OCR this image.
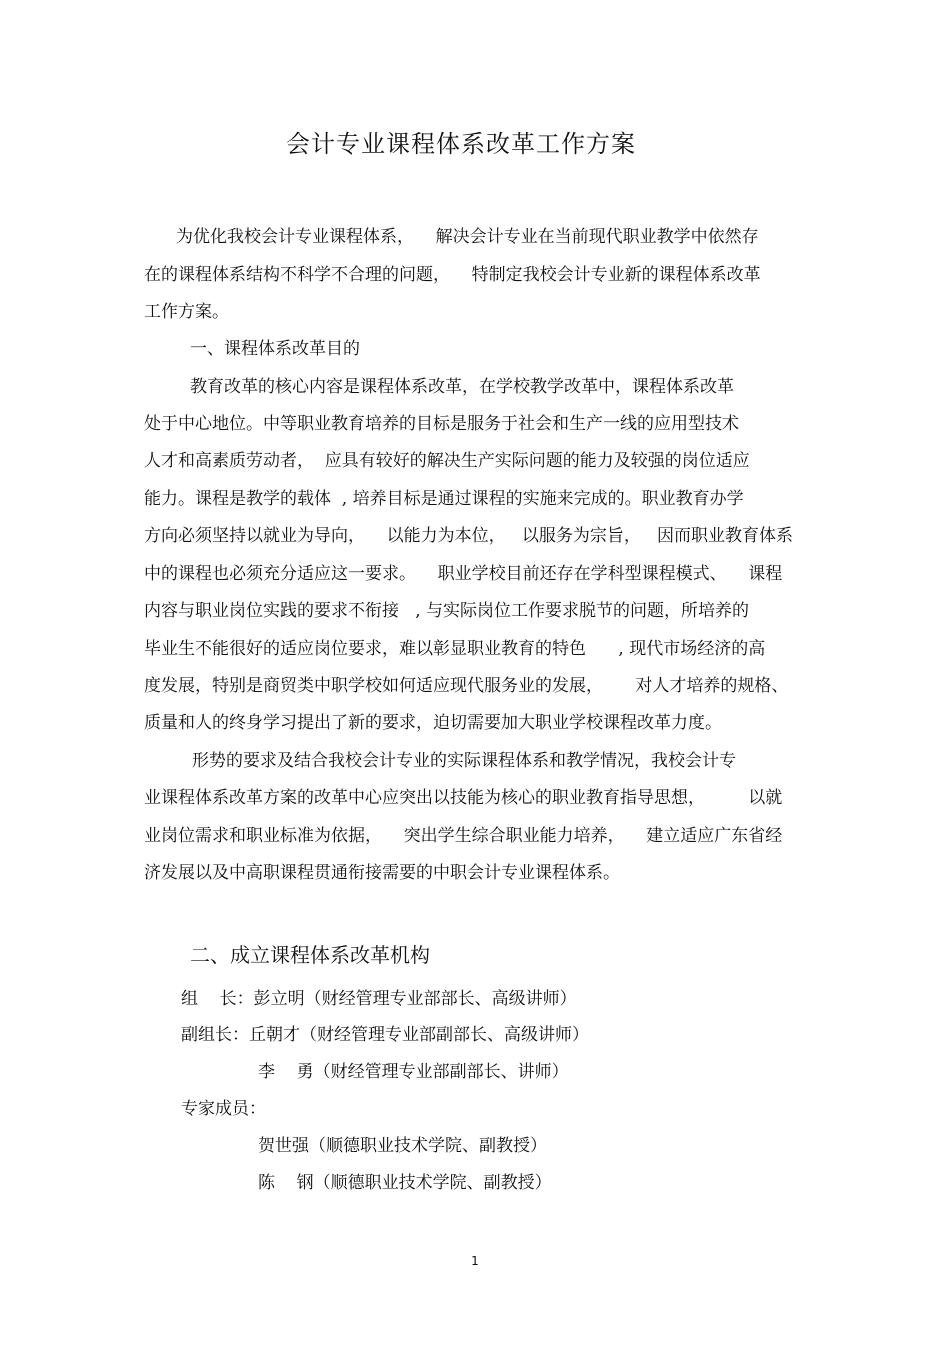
会计专业课程体系改革工作方案
为优化我校会计专业课程体系，    解决会计专业在当前现代职业教学中依然存
在的课程体系结构不科学不合理的问题，    特制定我校会计专业新的课程体系改革
工作方案。
一、课程体系改革目的
教育改革的核心内容是课程体系改革，在学校教学改革中，课程体系改革
处于中心地位。中等职业教育培养的目标是服务于社会和生产一线的应用型技术
人才和高素质劳动者，  应具有较好的解决生产实际问题的能力及较强的岗位适应
能力。课程是教学的载体  , 培养目标是通过课程的实施来完成的。职业教育办学
方向必须坚持以就业为导向，    以能力为本位，   以服务为宗旨，   因而职业教育体系
中的课程也必须充分适应这一要求。    职业学校目前还存在学科型课程模式、    课程
内容与职业岗位实践的要求不衔接   , 与实际岗位工作要求脱节的问题，所培养的
毕业生不能很好的适应岗位要求，难以彰显职业教育的特色      , 现代市场经济的高
度发展，特别是商贸类中职学校如何适应现代服务业的发展，      对人才培养的规格、
质量和人的终身学习提出了新的要求，迫切需要加大职业学校课程改革力度。
形势的要求及结合我校会计专业的实际课程体系和教学情况，我校会计专
业课程体系改革方案的改革中心应突出以技能为核心的职业教育指导思想，        以就
业岗位需求和职业标准为依据，    突出学生综合职业能力培养，    建立适应广东省经
济发展以及中高职课程贯通衔接需要的中职会计专业课程体系。
二、成立课程体系改革机构
组    长：彭立明（财经管理专业部部长、高级讲师）
副组长：丘朝才（财经管理专业部副部长、高级讲师）
李    勇（财经管理专业部副部长、讲师）
专家成员：
贺世强（顺德职业技术学院、副教授）
陈    钢（顺德职业技术学院、副教授）
1
